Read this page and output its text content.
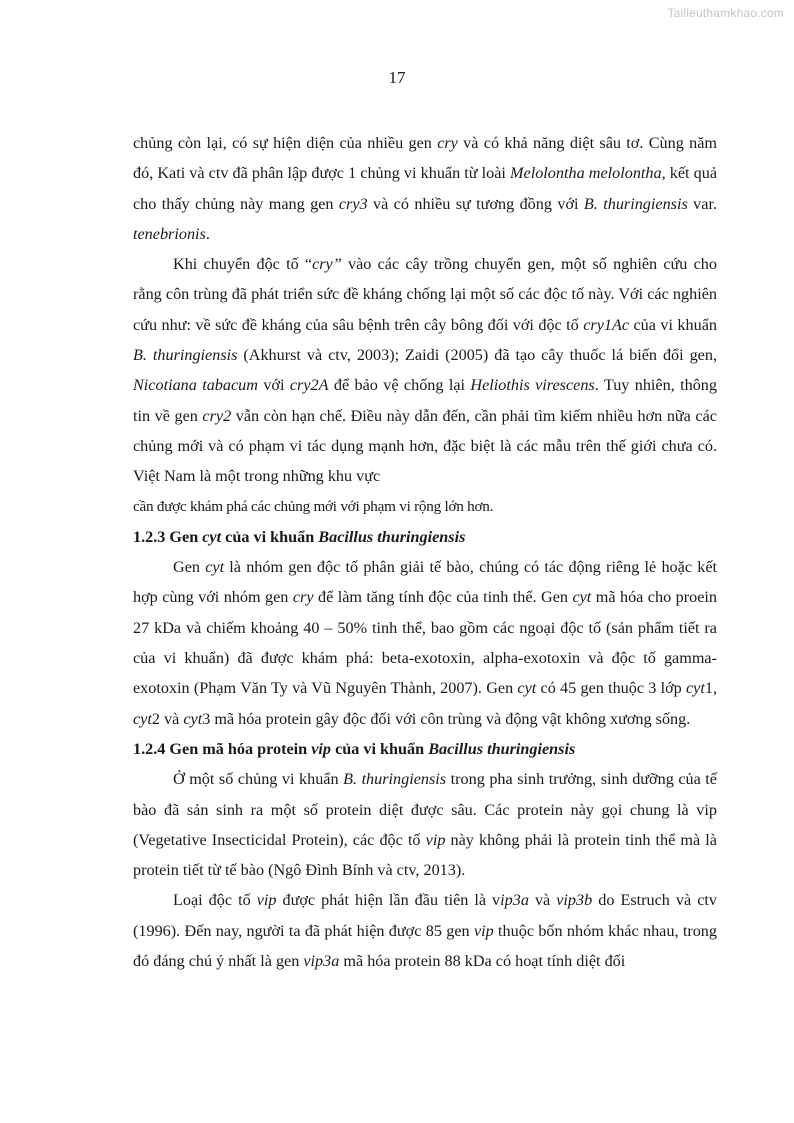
Tailieuthamkhao.com
17

chủng còn lại, có sự hiện diện của nhiều gen cry và có khả năng diệt sâu tơ. Cùng năm đó, Kati và ctv đã phân lập được 1 chủng vi khuẩn từ loài Melolontha melolontha, kết quả cho thấy chủng này mang gen cry3 và có nhiều sự tương đồng với B. thuringiensis var. tenebrionis.

Khi chuyển độc tố “cry” vào các cây trồng chuyển gen, một số nghiên cứu cho rằng côn trùng đã phát triển sức đề kháng chống lại một số các độc tố này. Với các nghiên cứu như: về sức đề kháng của sâu bệnh trên cây bông đối với độc tố cry1Ac của vi khuẩn B. thuringiensis (Akhurst và ctv, 2003); Zaidi (2005) đã tạo cây thuốc lá biến đổi gen, Nicotiana tabacum với cry2A để bảo vệ chống lại Heliothis virescens. Tuy nhiên, thông tin về gen cry2 vẫn còn hạn chế. Điều này dẫn đến, cần phải tìm kiếm nhiều hơn nữa các chủng mới và có phạm vi tác dụng mạnh hơn, đặc biệt là các mẫu trên thế giới chưa có. Việt Nam là một trong những khu vực

cần được khám phá các chủng mới với phạm vi rộng lớn hơn.

1.2.3 Gen cyt của vi khuẩn Bacillus thuringiensis

Gen cyt là nhóm gen độc tố phân giải tế bào, chúng có tác động riêng lẻ hoặc kết hợp cùng với nhóm gen cry để làm tăng tính độc của tinh thể. Gen cyt mã hóa cho proein 27 kDa và chiếm khoảng 40 – 50% tinh thể, bao gồm các ngoại độc tố (sản phẩm tiết ra của vi khuẩn) đã được khám phá: beta-exotoxin, alpha-exotoxin và độc tố gamma-exotoxin (Phạm Văn Ty và Vũ Nguyên Thành, 2007). Gen cyt có 45 gen thuộc 3 lớp cyt1, cyt2 và cyt3 mã hóa protein gây độc đối với côn trùng và động vật không xương sống.

1.2.4 Gen mã hóa protein vip của vi khuẩn Bacillus thuringiensis

Ở một số chủng vi khuẩn B. thuringiensis trong pha sinh trưởng, sinh dưỡng của tế bào đã sản sinh ra một số protein diệt được sâu. Các protein này gọi chung là vip (Vegetative Insecticidal Protein), các độc tố vip này không phải là protein tinh thể mà là protein tiết từ tế bào (Ngô Đình Bính và ctv, 2013).

Loại độc tố vip được phát hiện lần đầu tiên là vip3a và vip3b do Estruch và ctv (1996). Đến nay, người ta đã phát hiện được 85 gen vip thuộc bốn nhóm khác nhau, trong đó đáng chú ý nhất là gen vip3a mã hóa protein 88 kDa có hoạt tính diệt đối
